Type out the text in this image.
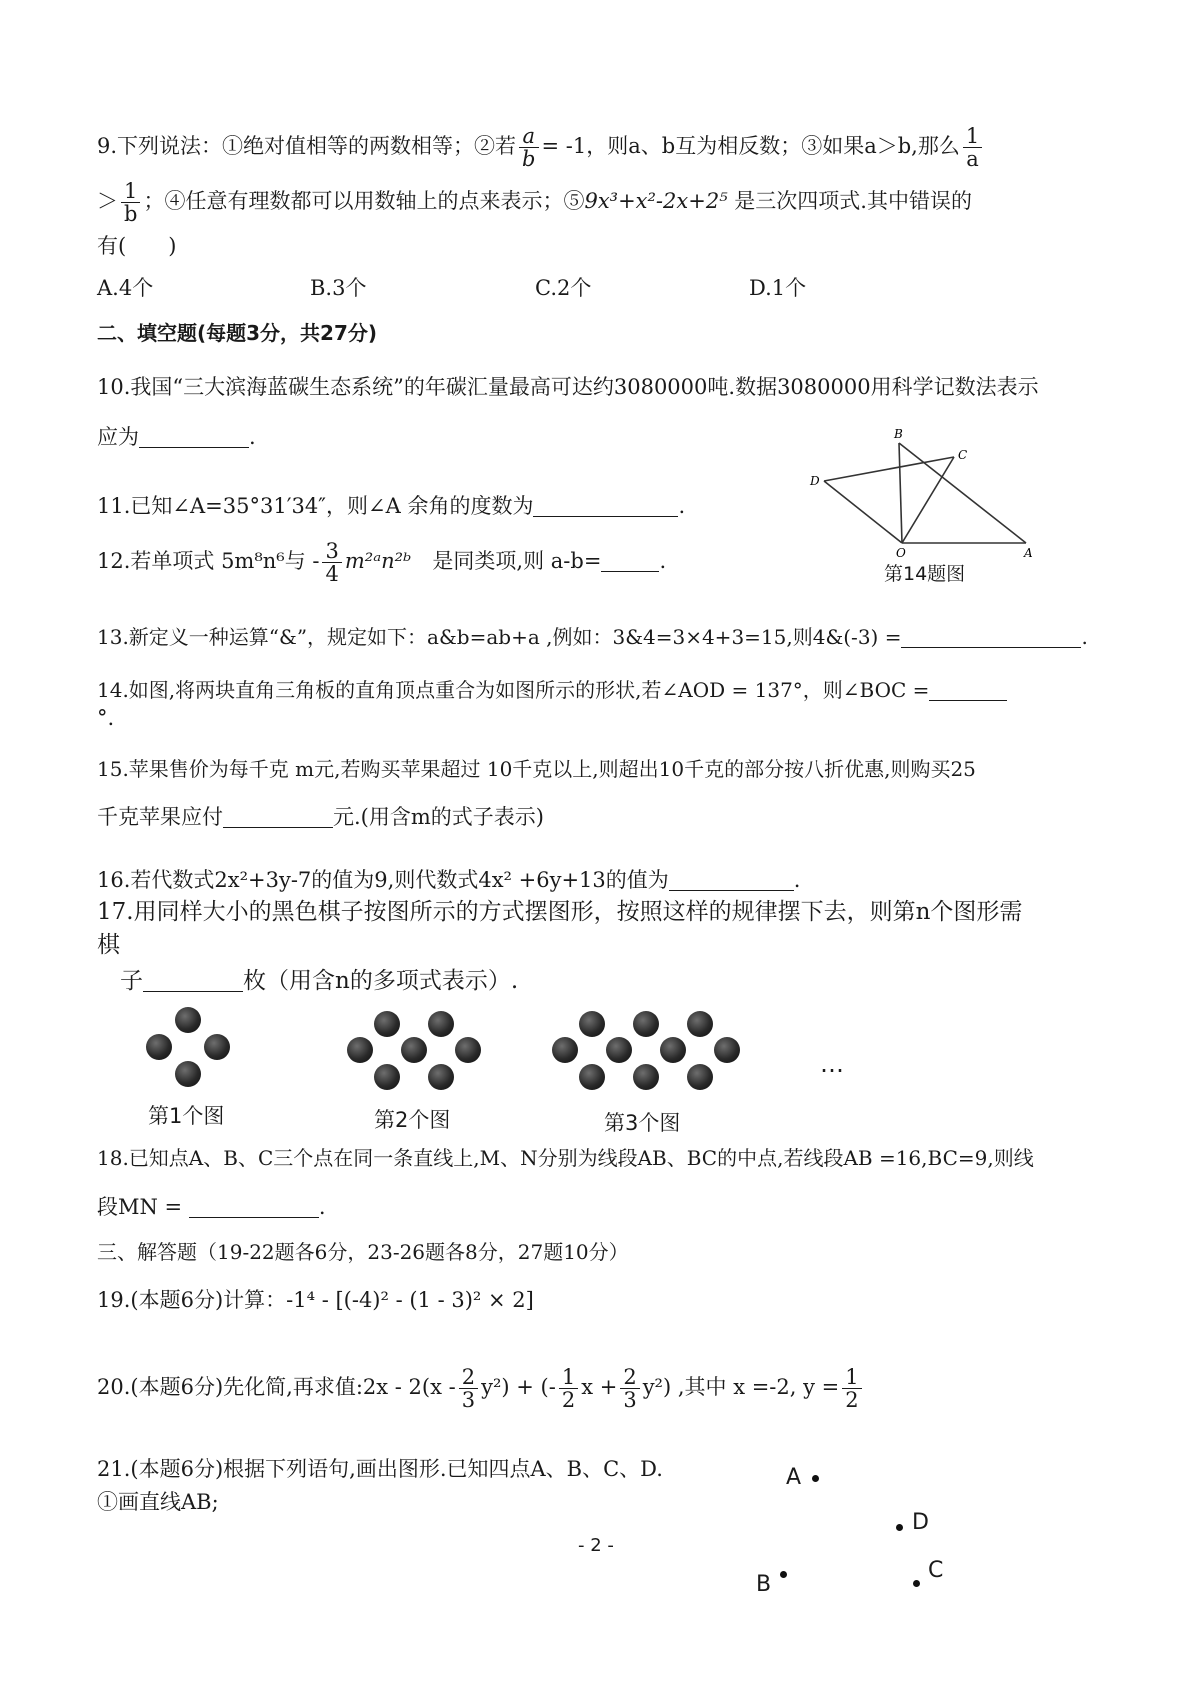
9.下列说法：①绝对值相等的两数相等；②若 $\frac{a}{b} = -1$，则a、b互为相反数；③如果a＞b,那么 $\frac{1}{a}$
＞ $\frac{1}{b}$ ；④任意有理数都可以用数轴上的点来表示；⑤9x³+x²-2x+2⁵ 是三次四项式.其中错误的
有(　　)
A.4个	B.3个	C.2个	D.1个
二、填空题(每题3分，共27分)
10.我国“三大滨海蓝碳生态系统”的年碳汇量最高可达约3080000吨.数据3080000用科学记数法表示
应为	.	B
C
D
O	A
第14题图
11.已知∠A=35°31′34″，则∠A 余角的度数为	.
12.若单项式 5m⁸n⁶与 - $\frac{3}{4}$ m²ᵃn²ᵇ　 是同类项,则 a-b=	.
13.新定义一种运算“&”，规定如下：a&b=ab+a ,例如：3&4=3×4+3=15,则4&(-3) =	.
14.如图,将两块直角三角板的直角顶点重合为如图所示的形状,若∠AOD = 137°，则∠BOC =
°.
15.苹果售价为每千克 m元,若购买苹果超过 10千克以上,则超出10千克的部分按八折优惠,则购买25
千克苹果应付	元.(用含m的式子表示)
16.若代数式2x²+3y-7的值为9,则代数式4x² +6y+13的值为	.
17.用同样大小的黑色棋子按图所示的方式摆图形，按照这样的规律摆下去，则第n个图形需
棋
子	枚（用含n的多项式表示）.
…
第1个图	第2个图	第3个图
18.已知点A、B、C三个点在同一条直线上,M、N分别为线段AB、BC的中点,若线段AB =16,BC=9,则线
段MN =	.
三、解答题（19-22题各6分，23-26题各8分，27题10分）
19.(本题6分)计算：-1⁴ - [(-4)² - (1 - 3)² × 2]
20.(本题6分)先化简,再求值:2x - $2(x - \frac{2}{3} y^2)$ + (- $\frac{1}{2}$ $x + \frac{2}{3} y^2$) ,其中 x =-2, $y = \frac{1}{2}$
21.(本题6分)根据下列语句,画出图形.已知四点A、B、C、D.
①画直线AB;
A
D
B
C
- 2 -
